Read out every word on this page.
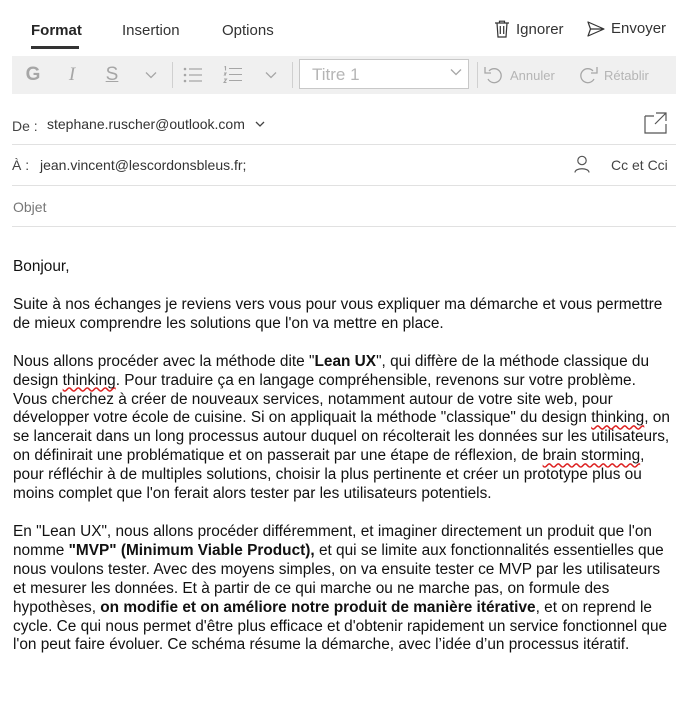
Format	Insertion	Options	Ignorer	Envoyer
G	I	S	Titre 1	Annuler	Rétablir
De : stephane.ruscher@outlook.com
À : jean.vincent@lescordonsbleus.fr;	Cc et Cci
Objet

Bonjour,

Suite à nos échanges je reviens vers vous pour vous expliquer ma démarche et vous permettre de mieux comprendre les solutions que l'on va mettre en place.

Nous allons procéder avec la méthode dite "Lean UX", qui diffère de la méthode classique du design thinking. Pour traduire ça en langage compréhensible, revenons sur votre problème. Vous cherchez à créer de nouveaux services, notamment autour de votre site web, pour développer votre école de cuisine. Si on appliquait la méthode "classique" du design thinking, on se lancerait dans un long processus autour duquel on récolterait les données sur les utilisateurs, on définirait une problématique et on passerait par une étape de réflexion, de brain storming, pour réfléchir à de multiples solutions, choisir la plus pertinente et créer un prototype plus ou moins complet que l'on ferait alors tester par les utilisateurs potentiels.

En "Lean UX", nous allons procéder différemment, et imaginer directement un produit que l'on nomme "MVP" (Minimum Viable Product), et qui se limite aux fonctionnalités essentielles que nous voulons tester. Avec des moyens simples, on va ensuite tester ce MVP par les utilisateurs et mesurer les données. Et à partir de ce qui marche ou ne marche pas, on formule des hypothèses, on modifie et on améliore notre produit de manière itérative, et on reprend le cycle. Ce qui nous permet d'être plus efficace et d'obtenir rapidement un service fonctionnel que l'on peut faire évoluer. Ce schéma résume la démarche, avec l’idée d’un processus itératif.
